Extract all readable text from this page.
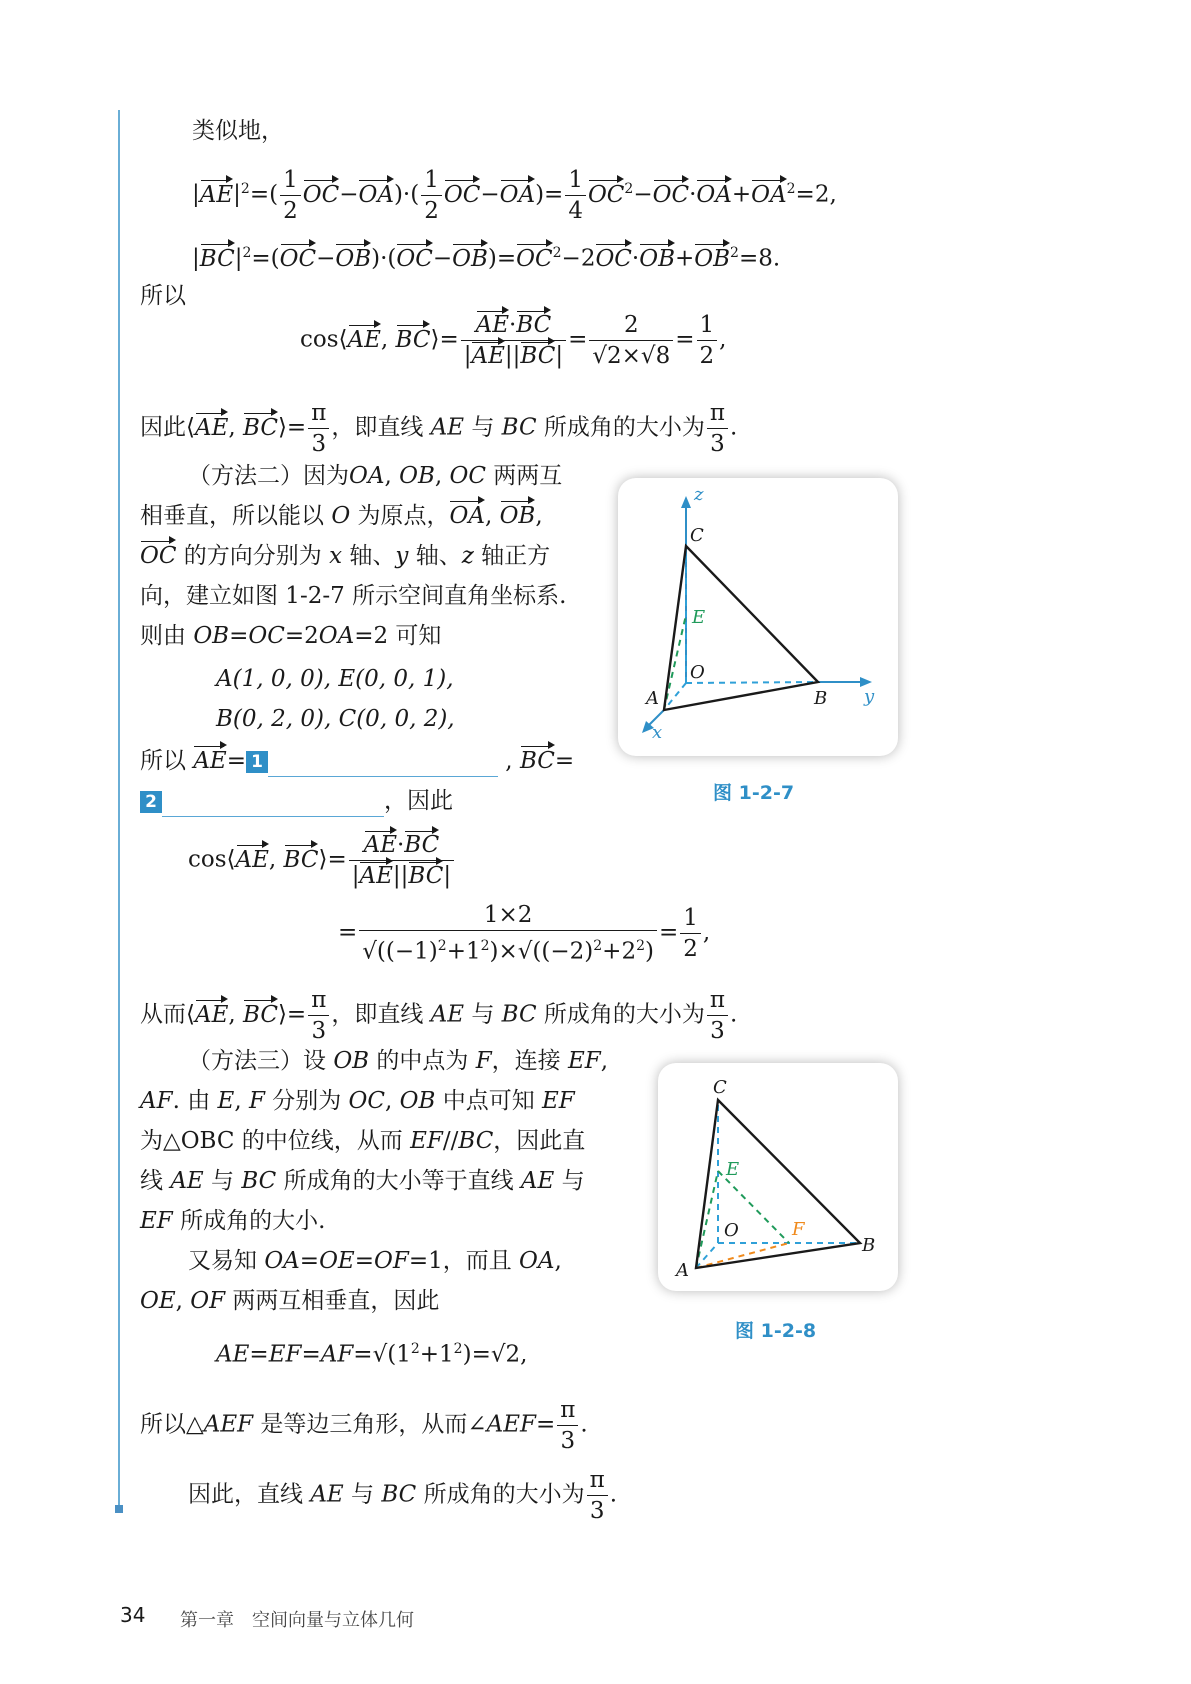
类似地，
$|AE|^2=( \frac{1}{2} OC-OA)\cdot( \frac{1}{2} OC-OA)= \frac{1}{4} OC^2-OC\cdot OA+OA^2=2$,
$|BC|^2=(OC-OB)\cdot(OC-OB)=OC^2-2OC\cdot OB+OB^2=8$.
所以
cos⟨AE, BC⟩= $\frac{AE\cdot BC}{|AE||BC|} = \frac{2}{√2\times√8} = \frac{1}{2}$ ,
因此⟨AE, BC⟩= $\frac{\pi}{3}$ ，即直线 AE 与 BC 所成角的大小为 $\frac{\pi}{3}$ .
（方法二）因为OA, OB, OC 两两互
相垂直，所以能以 O 为原点，OA, OB,
OC 的方向分别为 x 轴、y 轴、z 轴正方
向，建立如图 1-2-7 所示空间直角坐标系.
则由 OB=OC=2OA=2 可知
A(1, 0, 0), E(0, 0, 1),
B(0, 2, 0), C(0, 0, 2),
所以 AE= 1	, BC=
2	，因此
cos⟨AE, BC⟩= $\frac{AE\cdot BC}{|AE||BC|}$
= $\frac{1\times 2}{√((-1)^2+1^2)\times√((-2)^2+2^2)} = \frac{1}{2}$ ,
从而⟨AE, BC⟩= $\frac{\pi}{3}$ ，即直线 AE 与 BC 所成角的大小为 $\frac{\pi}{3}$ .
（方法三）设 OB 的中点为 F，连接 EF,
AF. 由 E, F 分别为 OC, OB 中点可知 EF
为△OBC 的中位线，从而 EF//BC，因此直
线 AE 与 BC 所成角的大小等于直线 AE 与
EF 所成角的大小.
又易知 OA=OE=OF=1，而且 OA,
OE, OF 两两互相垂直，因此
$AE=EF=AF=√(1^2+1^2)=√2$,
所以△AEF 是等边三角形，从而∠AEF= $\frac{\pi}{3}$ .
因此，直线 AE 与 BC 所成角的大小为 $\frac{\pi}{3}$ .
z
C
E
O
A	B y
x
图 1-2-7
C
E
O	F
B
A
图 1-2-8
34 第一章　空间向量与立体几何
